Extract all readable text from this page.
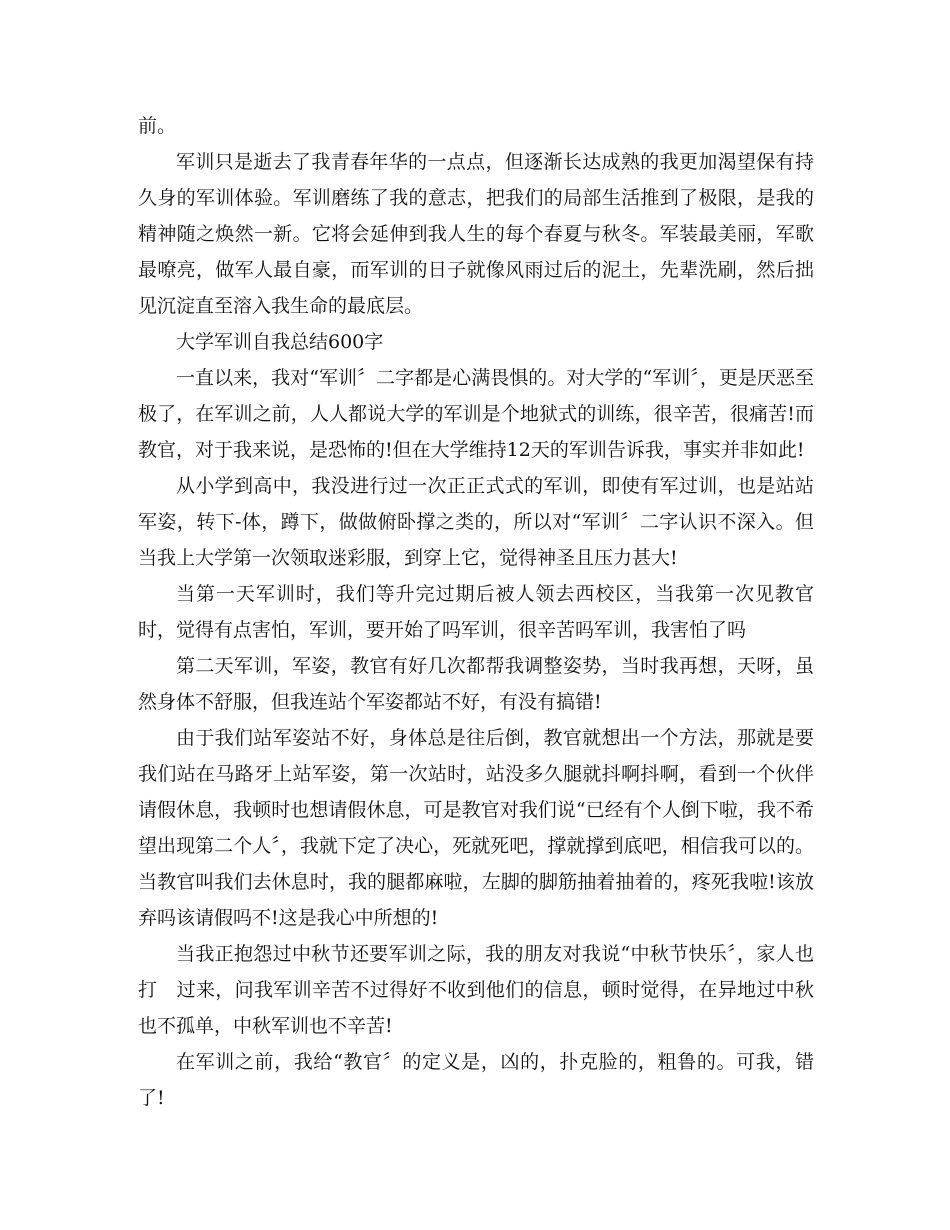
前。

军训只是逝去了我青春年华的一点点，但逐渐长达成熟的我更加渴望保有持久身的军训体验。军训磨练了我的意志，把我们的局部生活推到了极限，是我的精神随之焕然一新。它将会延伸到我人生的每个春夏与秋冬。军装最美丽，军歌最嘹亮，做军人最自豪，而军训的日子就像风雨过后的泥土，先辈洗刷，然后拙见沉淀直至溶入我生命的最底层。

大学军训自我总结600字

一直以来，我对“军训〞二字都是心满畏惧的。对大学的“军训〞，更是厌恶至极了，在军训之前，人人都说大学的军训是个地狱式的训练，很辛苦，很痛苦!而教官，对于我来说，是恐怖的!但在大学维持12天的军训告诉我，事实并非如此!

从小学到高中，我没进行过一次正正式式的军训，即使有军过训，也是站站军姿，转下-体，蹲下，做做俯卧撑之类的，所以对“军训〞二字认识不深入。但当我上大学第一次领取迷彩服，到穿上它，觉得神圣且压力甚大!

当第一天军训时，我们等升完过期后被人领去西校区，当我第一次见教官时，觉得有点害怕，军训，要开始了吗军训，很辛苦吗军训，我害怕了吗

第二天军训，军姿，教官有好几次都帮我调整姿势，当时我再想，天呀，虽然身体不舒服，但我连站个军姿都站不好，有没有搞错!

由于我们站军姿站不好，身体总是往后倒，教官就想出一个方法，那就是要我们站在马路牙上站军姿，第一次站时，站没多久腿就抖啊抖啊，看到一个伙伴请假休息，我顿时也想请假休息，可是教官对我们说“已经有个人倒下啦，我不希望出现第二个人〞，我就下定了决心，死就死吧，撑就撑到底吧，相信我可以的。当教官叫我们去休息时，我的腿都麻啦，左脚的脚筋抽着抽着的，疼死我啦!该放弃吗该请假吗不!这是我心中所想的!

当我正抱怨过中秋节还要军训之际，我的朋友对我说“中秋节快乐〞，家人也打　过来，问我军训辛苦不过得好不收到他们的信息，顿时觉得，在异地过中秋也不孤单，中秋军训也不辛苦!

在军训之前，我给“教官〞的定义是，凶的，扑克脸的，粗鲁的。可我，错了!
